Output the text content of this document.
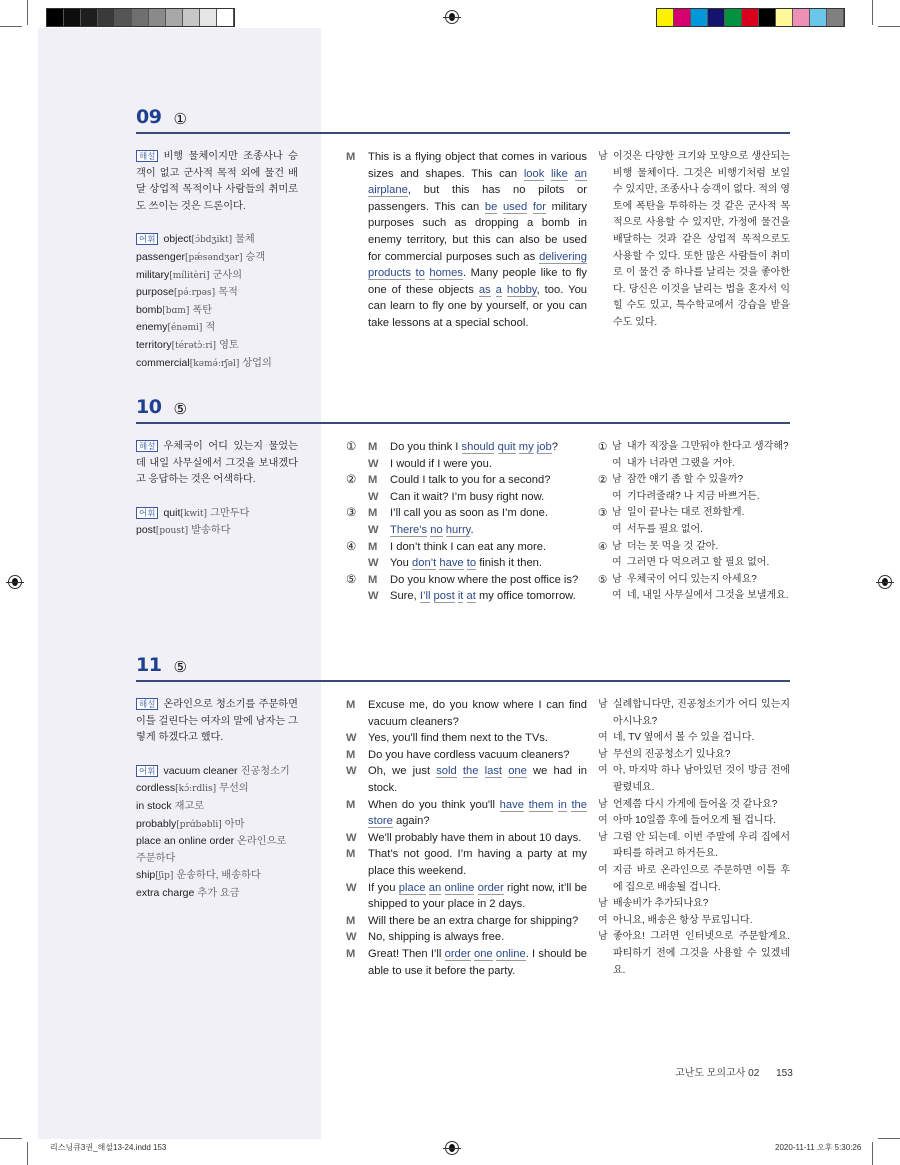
09 ①
해설 비행 물체이지만 조종사나 승객이 없고 군사적 목적 외에 물건 배달 상업적 목적이나 사람들의 취미로도 쓰이는 것은 드론이다.
어휘 object[ɔ́bdʒikt] 물체
passenger[pǽsəndʒər] 승객
military[mílitèri] 군사의
purpose[pə́ːrpəs] 목적
bomb[bɑm] 폭탄
enemy[énəmi] 적
territory[térətɔ̀ːri] 영토
commercial[kəmə́ːrʃəl] 상업의
M	This is a flying object that comes in various sizes and shapes. This can look like an airplane, but this has no pilots or passengers. This can be used for military purposes such as dropping a bomb in enemy territory, but this can also be used for commercial purposes such as delivering products to homes. Many people like to fly one of these objects as a hobby, too. You can learn to fly one by yourself, or you can take lessons at a special school.
남 이것은 다양한 크기와 모양으로 생산되는 비행 물체이다. 그것은 비행기처럼 보일 수 있지만, 조종사나 승객이 없다. 적의 영토에 폭탄을 투하하는 것 같은 군사적 목적으로 사용할 수 있지만, 가정에 물건을 배달하는 것과 같은 상업적 목적으로도 사용할 수 있다. 또한 많은 사람들이 취미로 이 물건 중 하나를 날리는 것을 좋아한다. 당신은 이것을 날리는 법을 혼자서 익힐 수도 있고, 특수학교에서 강습을 받을 수도 있다.
10 ⑤
해설 우체국이 어디 있는지 물었는데 내일 사무실에서 그것을 보내겠다고 응답하는 것은 어색하다.
어휘 quit[kwit] 그만두다
post[poust] 발송하다
①	M	Do you think I should quit my job?
W	I would if I were you.
②	M	Could I talk to you for a second?
W	Can it wait? I’m busy right now.
③	M	I’ll call you as soon as I’m done.
W	There’s no hurry.
④	M	I don’t think I can eat any more.
W	You don’t have to finish it then.
⑤	M	Do you know where the post office is?
W	Sure, I’ll post it at my office tomorrow.
① 남 내가 직장을 그만둬야 한다고 생각해?
여 내가 너라면 그랬을 거야.
② 남 잠깐 얘기 좀 할 수 있을까?
여 기다려줄래? 나 지금 바쁘거든.
③ 남 일이 끝나는 대로 전화할게.
여 서두를 필요 없어.
④ 남 더는 못 먹을 것 같아.
여 그러면 다 먹으려고 할 필요 없어.
⑤ 남 우체국이 어디 있는지 아세요?
여 네, 내일 사무실에서 그것을 보낼게요.
11 ⑤
해설 온라인으로 청소기를 주문하면 이틀 걸린다는 여자의 말에 남자는 그렇게 하겠다고 했다.
어휘 vacuum cleaner 진공청소기
cordless[kɔ́ːrdlis] 무선의
in stock 재고로
probably[prɑ́bəbli] 아마
place an online order 온라인으로 주문하다
ship[ʃip] 운송하다, 배송하다
extra charge 추가 요금
M	Excuse me, do you know where I can find vacuum cleaners?
W	Yes, you'll find them next to the TVs.
M	Do you have cordless vacuum cleaners?
W	Oh, we just sold the last one we had in stock.
M	When do you think you'll have them in the store again?
W	We'll probably have them in about 10 days.
M	That’s not good. I’m having a party at my place this weekend.
W	If you place an online order right now, it’ll be shipped to your place in 2 days.
M	Will there be an extra charge for shipping?
W	No, shipping is always free.
M	Great! Then I’ll order one online. I should be able to use it before the party.
남 실례합니다만, 진공청소기가 어디 있는지 아시나요?
여 네, TV 옆에서 볼 수 있을 겁니다.
남 무선의 진공청소기 있나요?
여 아, 마지막 하나 남아있던 것이 방금 전에 팔렸네요.
남 언제쯤 다시 가게에 들어올 것 같나요?
여 아마 10일쯤 후에 들어오게 될 겁니다.
남 그럼 안 되는데. 이번 주말에 우리 집에서 파티를 하려고 하거든요.
여 지금 바로 온라인으로 주문하면 이틀 후에 집으로 배송될 겁니다.
남 배송비가 추가되나요?
여 아니요, 배송은 항상 무료입니다.
남 좋아요! 그러면 인터넷으로 주문할게요. 파티하기 전에 그것을 사용할 수 있겠네요.
고난도 모의고사 02 153
리스닝큐3권_해설13-24.indd 153	2020-11-11 오후 5:30:26
